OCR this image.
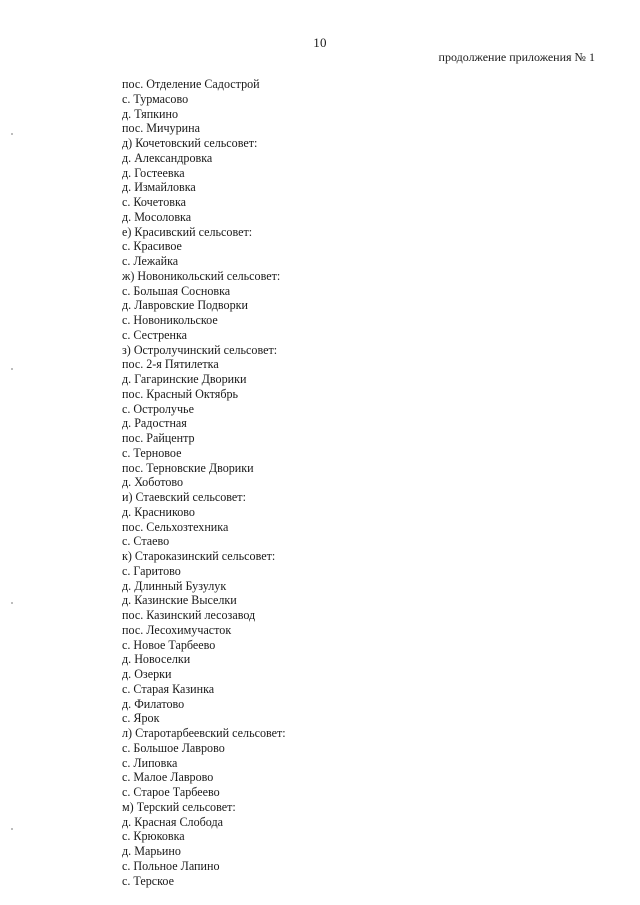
10
продолжение приложения № 1
пос. Отделение Садострой
с. Турмасово
д. Тяпкино
пос. Мичурина
д) Кочетовский сельсовет:
д. Александровка
д. Гостеевка
д. Измайловка
с. Кочетовка
д. Мосоловка
е) Красивский сельсовет:
с. Красивое
с. Лежайка
ж) Новоникольский сельсовет:
с. Большая Сосновка
д. Лавровские Подворки
с. Новоникольское
с. Сестренка
з) Остролучинский сельсовет:
пос. 2-я Пятилетка
д. Гагаринские Дворики
пос. Красный Октябрь
с. Остролучье
д. Радостная
пос. Райцентр
с. Терновое
пос. Терновские Дворики
д. Хоботово
и) Стаевский сельсовет:
д. Красниково
пос. Сельхозтехника
с. Стаево
к) Староказинский сельсовет:
с. Гаритово
д. Длинный Бузулук
д. Казинские Выселки
пос. Казинский лесозавод
пос. Лесохимучасток
с. Новое Тарбеево
д. Новоселки
д. Озерки
с. Старая Казинка
д. Филатово
с. Ярок
л) Старотарбеевский сельсовет:
с. Большое Лаврово
с. Липовка
с. Малое Лаврово
с. Старое Тарбеево
м) Терский сельсовет:
д. Красная Слобода
с. Крюковка
д. Марьино
с. Польное Лапино
с. Терское
